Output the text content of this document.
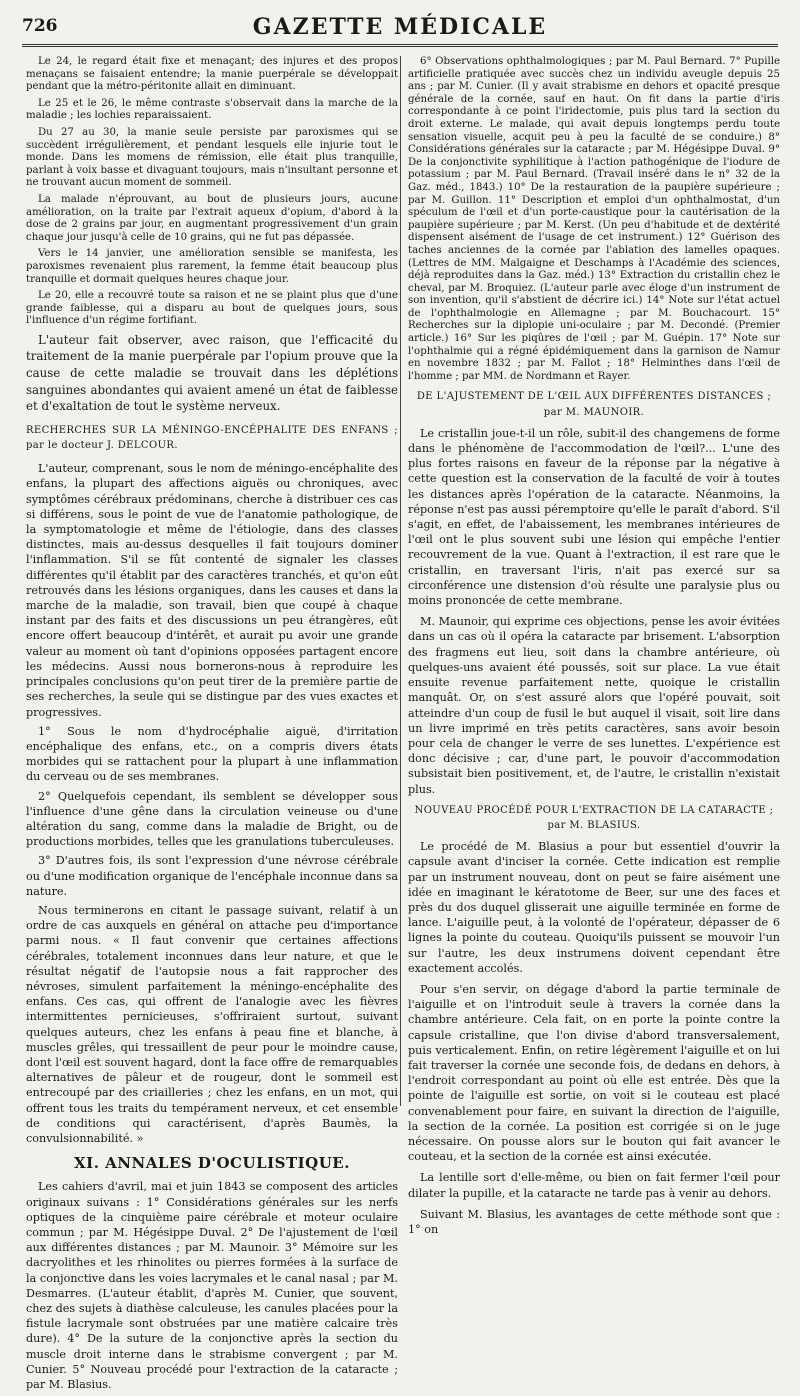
726	GAZETTE MÉDICALE

Le 24, le regard était fixe et menaçant; des injures et des propos menaçans se faisaient entendre; la manie puerpérale se développait pendant que la métro-péritonite allait en diminuant.

Le 25 et le 26, le même contraste s'observait dans la marche de la maladie ; les lochies reparaissaient.

Du 27 au 30, la manie seule persiste par paroxismes qui se succèdent irrégulièrement, et pendant lesquels elle injurie tout le monde. Dans les momens de rémission, elle était plus tranquille, parlant à voix basse et divaguant toujours, mais n'insultant personne et ne trouvant aucun moment de sommeil.

La malade n'éprouvant, au bout de plusieurs jours, aucune amélioration, on la traite par l'extrait aqueux d'opium, d'abord à la dose de 2 grains par jour, en augmentant progressivement d'un grain chaque jour jusqu'à celle de 10 grains, qui ne fut pas dépassée.

Vers le 14 janvier, une amélioration sensible se manifesta, les paroxismes revenaient plus rarement, la femme était beaucoup plus tranquille et dormait quelques heures chaque jour.

Le 20, elle a recouvré toute sa raison et ne se plaint plus que d'une grande faiblesse, qui a disparu au bout de quelques jours, sous l'influence d'un régime fortifiant.

L'auteur fait observer, avec raison, que l'efficacité du traitement de la manie puerpérale par l'opium prouve que la cause de cette maladie se trouvait dans les déplétions sanguines abondantes qui avaient amené un état de faiblesse et d'exaltation de tout le système nerveux.

RECHERCHES SUR LA MÉNINGO-ENCÉPHALITE DES ENFANS ; par le docteur J. DELCOUR.

L'auteur, comprenant, sous le nom de méningo-encéphalite des enfans, la plupart des affections aiguës ou chroniques, avec symptômes cérébraux prédominans, cherche à distribuer ces cas si différens, sous le point de vue de l'anatomie pathologique, de la symptomatologie et même de l'étiologie, dans des classes distinctes, mais au-dessus desquelles il fait toujours dominer l'inflammation. S'il se fût contenté de signaler les classes différentes qu'il établit par des caractères tranchés, et qu'on eût retrouvés dans les lésions organiques, dans les causes et dans la marche de la maladie, son travail, bien que coupé à chaque instant par des faits et des discussions un peu étrangères, eût encore offert beaucoup d'intérêt, et aurait pu avoir une grande valeur au moment où tant d'opinions opposées partagent encore les médecins. Aussi nous bornerons-nous à reproduire les principales conclusions qu'on peut tirer de la première partie de ses recherches, la seule qui se distingue par des vues exactes et progressives.

1° Sous le nom d'hydrocéphalie aiguë, d'irritation encéphalique des enfans, etc., on a compris divers états morbides qui se rattachent pour la plupart à une inflammation du cerveau ou de ses membranes.

2° Quelquefois cependant, ils semblent se développer sous l'influence d'une gêne dans la circulation veineuse ou d'une altération du sang, comme dans la maladie de Bright, ou de productions morbides, telles que les granulations tuberculeuses.

3° D'autres fois, ils sont l'expression d'une névrose cérébrale ou d'une modification organique de l'encéphale inconnue dans sa nature.

Nous terminerons en citant le passage suivant, relatif à un ordre de cas auxquels en général on attache peu d'importance parmi nous. « Il faut convenir que certaines affections cérébrales, totalement inconnues dans leur nature, et que le résultat négatif de l'autopsie nous a fait rapprocher des névroses, simulent parfaitement la méningo-encéphalite des enfans. Ces cas, qui offrent de l'analogie avec les fièvres intermittentes pernicieuses, s'offriraient surtout, suivant quelques auteurs, chez les enfans à peau fine et blanche, à muscles grêles, qui tressaillent de peur pour le moindre cause, dont l'œil est souvent hagard, dont la face offre de remarquables alternatives de pâleur et de rougeur, dont le sommeil est entrecoupé par des criailleries ; chez les enfans, en un mot, qui offrent tous les traits du tempérament nerveux, et cet ensemble de conditions qui caractérisent, d'après Baumès, la convulsionnabilité. »

XI. ANNALES D'OCULISTIQUE.

Les cahiers d'avril, mai et juin 1843 se composent des articles originaux suivans : 1° Considérations générales sur les nerfs optiques de la cinquième paire cérébrale et moteur oculaire commun ; par M. Hégésippe Duval. 2° De l'ajustement de l'œil aux différentes distances ; par M. Maunoir. 3° Mémoire sur les dacryolithes et les rhinolites ou pierres formées à la surface de la conjonctive dans les voies lacrymales et le canal nasal ; par M. Desmarres. (L'auteur établit, d'après M. Cunier, que souvent, chez des sujets à diathèse calculeuse, les canules placées pour la fistule lacrymale sont obstruées par une matière calcaire très dure). 4° De la suture de la conjonctive après la section du muscle droit interne dans le strabisme convergent ; par M. Cunier. 5° Nouveau procédé pour l'extraction de la cataracte ; par M. Blasius.

6° Observations ophthalmologiques ; par M. Paul Bernard. 7° Pupille artificielle pratiquée avec succès chez un individu aveugle depuis 25 ans ; par M. Cunier. (Il y avait strabisme en dehors et opacité presque générale de la cornée, sauf en haut. On fit dans la partie d'iris correspondante à ce point l'iridectomie, puis plus tard la section du droit externe. Le malade, qui avait depuis longtemps perdu toute sensation visuelle, acquit peu à peu la faculté de se conduire.) 8° Considérations générales sur la cataracte ; par M. Hégésippe Duval. 9° De la conjonctivite syphilitique à l'action pathogénique de l'iodure de potassium ; par M. Paul Bernard. (Travail inséré dans le n° 32 de la Gaz. méd., 1843.) 10° De la restauration de la paupière supérieure ; par M. Guillon. 11° Description et emploi d'un ophthalmostat, d'un spéculum de l'œil et d'un porte-caustique pour la cautérisation de la paupière supérieure ; par M. Kerst. (Un peu d'habitude et de dextérité dispensent aisément de l'usage de cet instrument.) 12° Guérison des taches anciennes de la cornée par l'ablation des lamelles opaques. (Lettres de MM. Malgaigne et Deschamps à l'Académie des sciences, déjà reproduites dans la Gaz. méd.) 13° Extraction du cristallin chez le cheval, par M. Broquiez. (L'auteur parle avec éloge d'un instrument de son invention, qu'il s'abstient de décrire ici.) 14° Note sur l'état actuel de l'ophthalmologie en Allemagne ; par M. Bouchacourt. 15° Recherches sur la diplopie uni-oculaire ; par M. Decondé. (Premier article.) 16° Sur les piqûres de l'œil ; par M. Guépin. 17° Note sur l'ophthalmie qui a régné épidémiquement dans la garnison de Namur en novembre 1832 ; par M. Fallot ; 18° Helminthes dans l'œil de l'homme ; par MM. de Nordmann et Rayer.

DE L'AJUSTEMENT DE L'ŒIL AUX DIFFÉRENTES DISTANCES ; par M. MAUNOIR.

Le cristallin joue-t-il un rôle, subit-il des changemens de forme dans le phénomène de l'accommodation de l'œil?... L'une des plus fortes raisons en faveur de la réponse par la négative à cette question est la conservation de la faculté de voir à toutes les distances après l'opération de la cataracte. Néanmoins, la réponse n'est pas aussi péremptoire qu'elle le paraît d'abord. S'il s'agit, en effet, de l'abaissement, les membranes intérieures de l'œil ont le plus souvent subi une lésion qui empêche l'entier recouvrement de la vue. Quant à l'extraction, il est rare que le cristallin, en traversant l'iris, n'ait pas exercé sur sa circonférence une distension d'où résulte une paralysie plus ou moins prononcée de cette membrane.

M. Maunoir, qui exprime ces objections, pense les avoir évitées dans un cas où il opéra la cataracte par brisement. L'absorption des fragmens eut lieu, soit dans la chambre antérieure, où quelques-uns avaient été poussés, soit sur place. La vue était ensuite revenue parfaitement nette, quoique le cristallin manquât. Or, on s'est assuré alors que l'opéré pouvait, soit atteindre d'un coup de fusil le but auquel il visait, soit lire dans un livre imprimé en très petits caractères, sans avoir besoin pour cela de changer le verre de ses lunettes. L'expérience est donc décisive ; car, d'une part, le pouvoir d'accommodation subsistait bien positivement, et, de l'autre, le cristallin n'existait plus.

NOUVEAU PROCÉDÉ POUR L'EXTRACTION DE LA CATARACTE ; par M. BLASIUS.

Le procédé de M. Blasius a pour but essentiel d'ouvrir la capsule avant d'inciser la cornée. Cette indication est remplie par un instrument nouveau, dont on peut se faire aisément une idée en imaginant le kératotome de Beer, sur une des faces et près du dos duquel glisserait une aiguille terminée en forme de lance. L'aiguille peut, à la volonté de l'opérateur, dépasser de 6 lignes la pointe du couteau. Quoiqu'ils puissent se mouvoir l'un sur l'autre, les deux instrumens doivent cependant être exactement accolés.

Pour s'en servir, on dégage d'abord la partie terminale de l'aiguille et on l'introduit seule à travers la cornée dans la chambre antérieure. Cela fait, on en porte la pointe contre la capsule cristalline, que l'on divise d'abord transversalement, puis verticalement. Enfin, on retire légèrement l'aiguille et on lui fait traverser la cornée une seconde fois, de dedans en dehors, à l'endroit correspondant au point où elle est entrée. Dès que la pointe de l'aiguille est sortie, on voit si le couteau est placé convenablement pour faire, en suivant la direction de l'aiguille, la section de la cornée. La position est corrigée si on le juge nécessaire. On pousse alors sur le bouton qui fait avancer le couteau, et la section de la cornée est ainsi exécutée.

La lentille sort d'elle-même, ou bien on fait fermer l'œil pour dilater la pupille, et la cataracte ne tarde pas à venir au dehors.

Suivant M. Blasius, les avantages de cette méthode sont que : 1° on
